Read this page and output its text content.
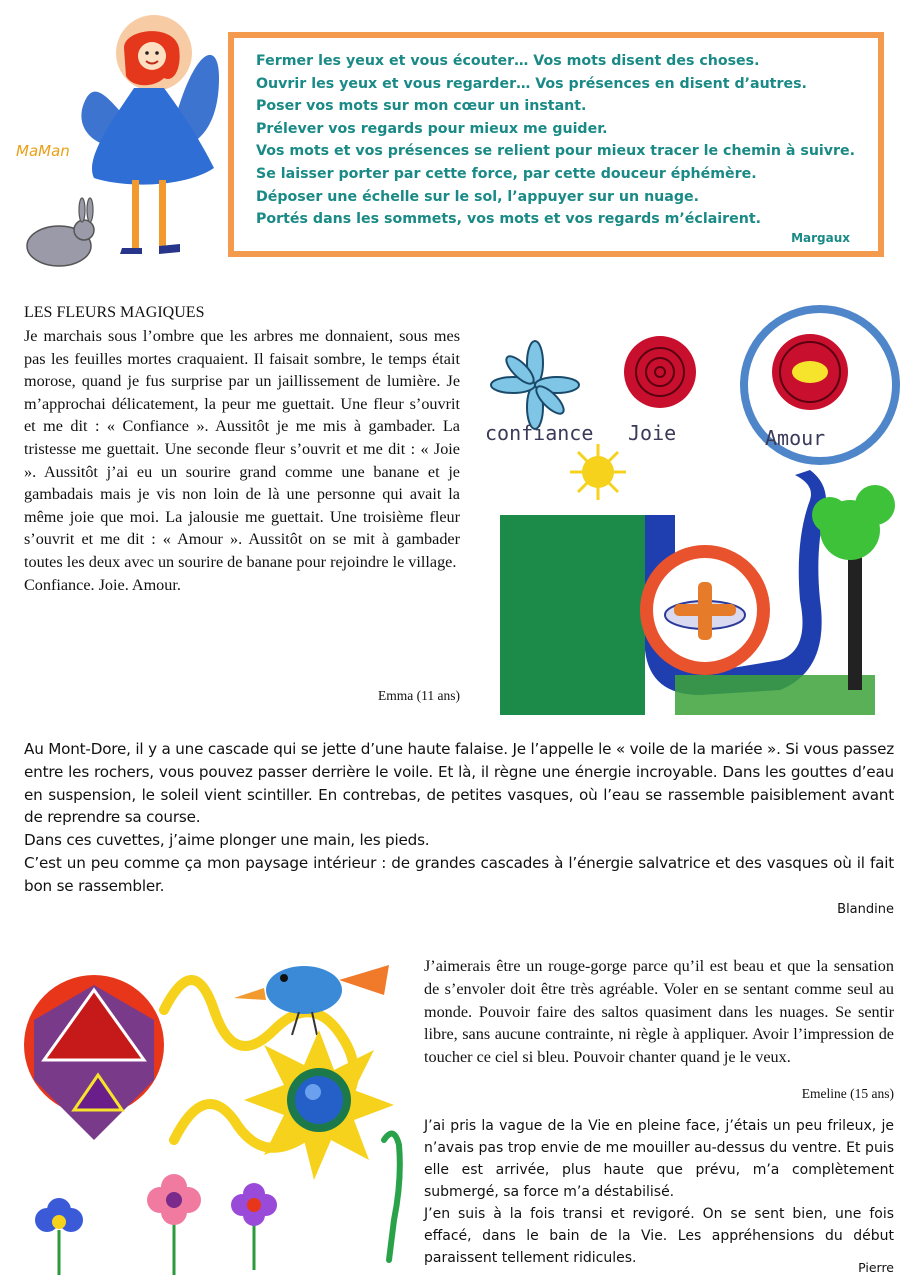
MaMan
Fermer les yeux et vous écouter… Vos mots disent des choses.
Ouvrir les yeux et vous regarder… Vos présences en disent d’autres.
Poser vos mots sur mon cœur un instant.
Prélever vos regards pour mieux me guider.
Vos mots et vos présences se relient pour mieux tracer le chemin à suivre.
Se laisser porter par cette force, par cette douceur éphémère.
Déposer une échelle sur le sol, l’appuyer sur un nuage.
Portés dans les sommets, vos mots et vos regards m’éclairent.
Margaux
LES FLEURS MAGIQUES

Je marchais sous l’ombre que les arbres me donnaient, sous mes pas les feuilles mortes craquaient. Il faisait sombre, le temps était morose, quand je fus surprise par un jaillissement de lumière. Je m’approchai délicatement, la peur me guettait. Une fleur s’ouvrit et me dit : « Confiance ». Aussitôt je me mis à gambader. La tristesse me guettait. Une seconde fleur s’ouvrit et me dit : « Joie ». Aussitôt j’ai eu un sourire grand comme une banane et je gambadais mais je vis non loin de là une personne qui avait la même joie que moi. La jalousie me guettait. Une troisième fleur s’ouvrit et me dit : « Amour ». Aussitôt on se mit à gambader toutes les deux avec un sourire de banane pour rejoindre le village.

Confiance. Joie. Amour.

Emma (11 ans)
confiance Joie	Amour

Au Mont-Dore, il y a une cascade qui se jette d’une haute falaise. Je l’appelle le « voile de la mariée ». Si vous passez entre les rochers, vous pouvez passer derrière le voile. Et là, il règne une énergie incroyable. Dans les gouttes d’eau en suspension, le soleil vient scintiller. En contrebas, de petites vasques, où l’eau se rassemble paisiblement avant de reprendre sa course.

Dans ces cuvettes, j’aime plonger une main, les pieds.

C’est un peu comme ça mon paysage intérieur : de grandes cascades à l’énergie salvatrice et des vasques où il fait bon se rassembler.

Blandine
J’aimerais être un rouge-gorge parce qu’il est beau et que la sensation de s’envoler doit être très agréable. Voler en se sentant comme seul au monde. Pouvoir faire des saltos quasiment dans les nuages. Se sentir libre, sans aucune contrainte, ni règle à appliquer. Avoir l’impression de toucher ce ciel si bleu. Pouvoir chanter quand je le veux.
Emeline (15 ans)

J’ai pris la vague de la Vie en pleine face, j’étais un peu frileux, je n’avais pas trop envie de me mouiller au-dessus du ventre. Et puis elle est arrivée, plus haute que prévu, m’a complètement submergé, sa force m’a déstabilisé.

J’en suis à la fois transi et revigoré. On se sent bien, une fois effacé, dans le bain de la Vie. Les appréhensions du début paraissent tellement ridicules.

Pierre
